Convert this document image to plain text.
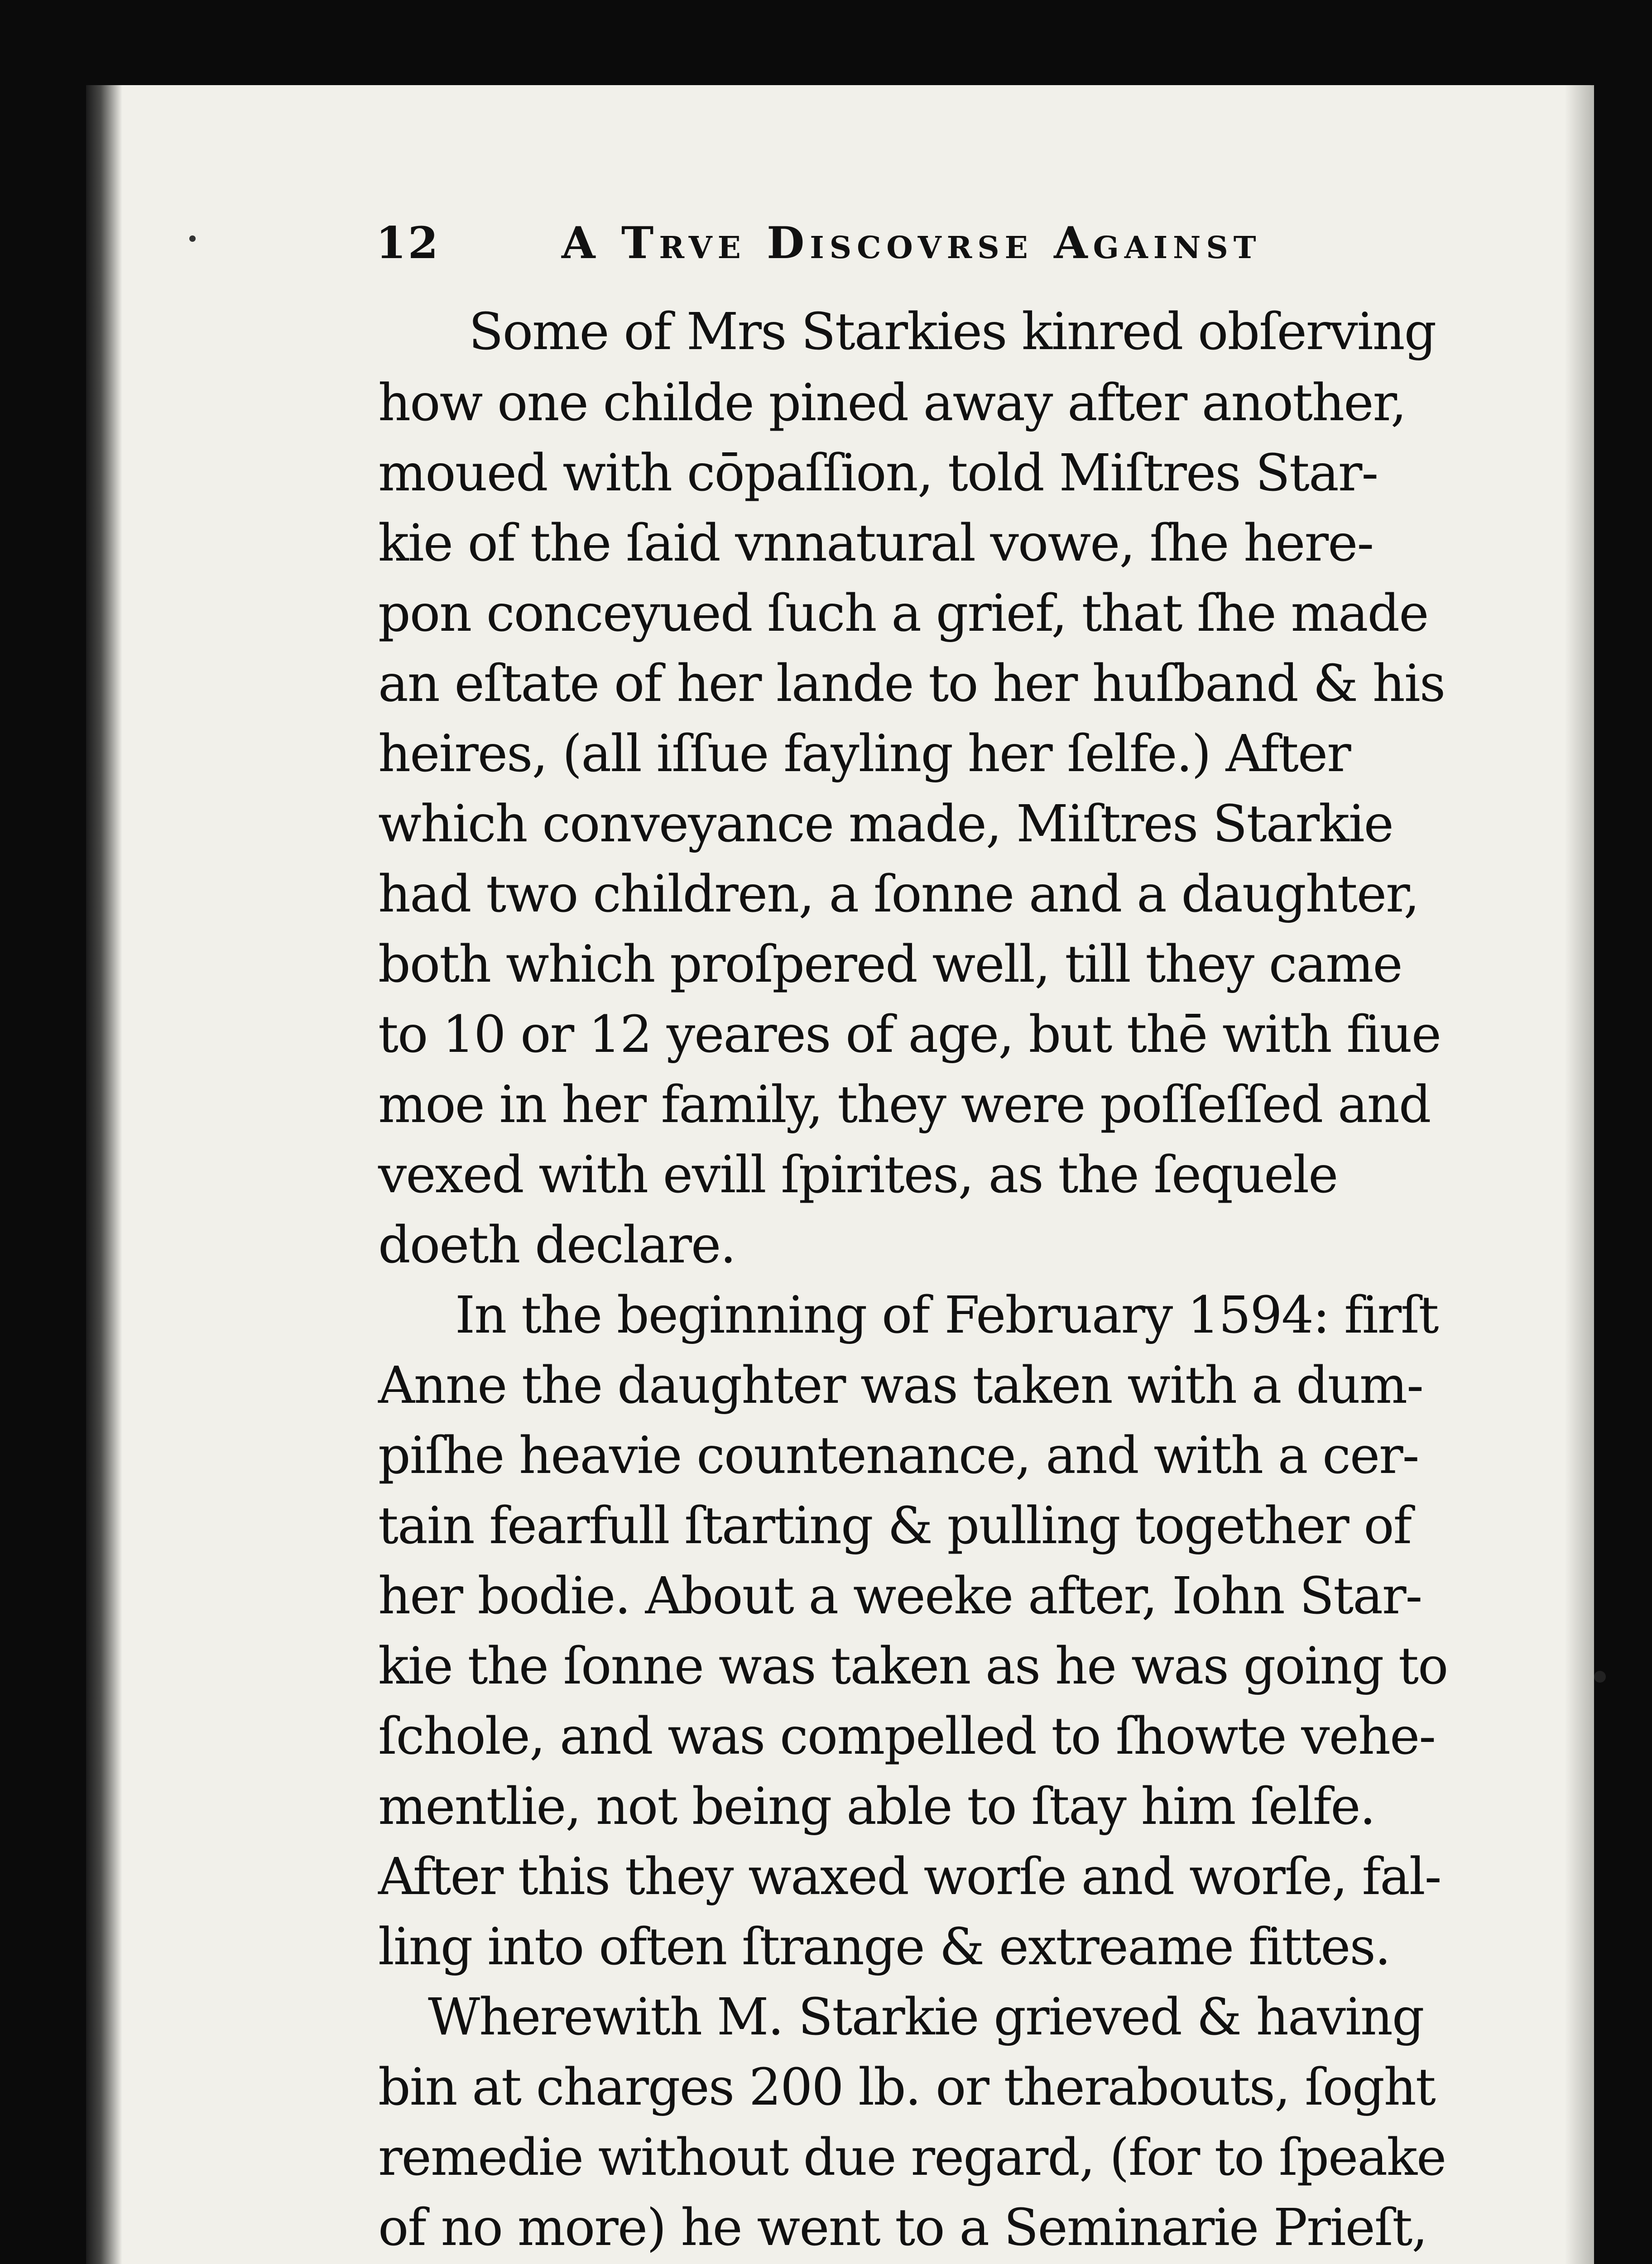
12	A Trve Discovrse Against
Some of Mrs Starkies kinred obſerving
how one childe pined away after another,
moued with cōpaſſion, told Miſtres Star-
kie of the ſaid vnnatural vowe, ſhe here-
pon conceyued ſuch a grief, that ſhe made
an eſtate of her lande to her huſband & his
heires, (all iſſue fayling her ſelfe.) After
which conveyance made, Miſtres Starkie
had two children, a ſonne and a daughter,
both which proſpered well, till they came
to 10 or 12 yeares of age, but thē with fiue
moe in her family, they were poſſeſſed and
vexed with evill ſpirites, as the ſequele
doeth declare.
In the beginning of February 1594: firſt
Anne the daughter was taken with a dum-
piſhe heavie countenance, and with a cer-
tain fearfull ſtarting & pulling together of
her bodie. About a weeke after, Iohn Star-
kie the ſonne was taken as he was going to
ſchole, and was compelled to ſhowte vehe-
mentlie, not being able to ſtay him ſelfe.
After this they waxed worſe and worſe, fal-
ling into often ſtrange & extreame fittes.
Wherewith M. Starkie grieved & having
bin at charges 200 lb. or therabouts, ſoght
remedie without due regard, (for to ſpeake
of no more) he went to a Seminarie Prieſt,
